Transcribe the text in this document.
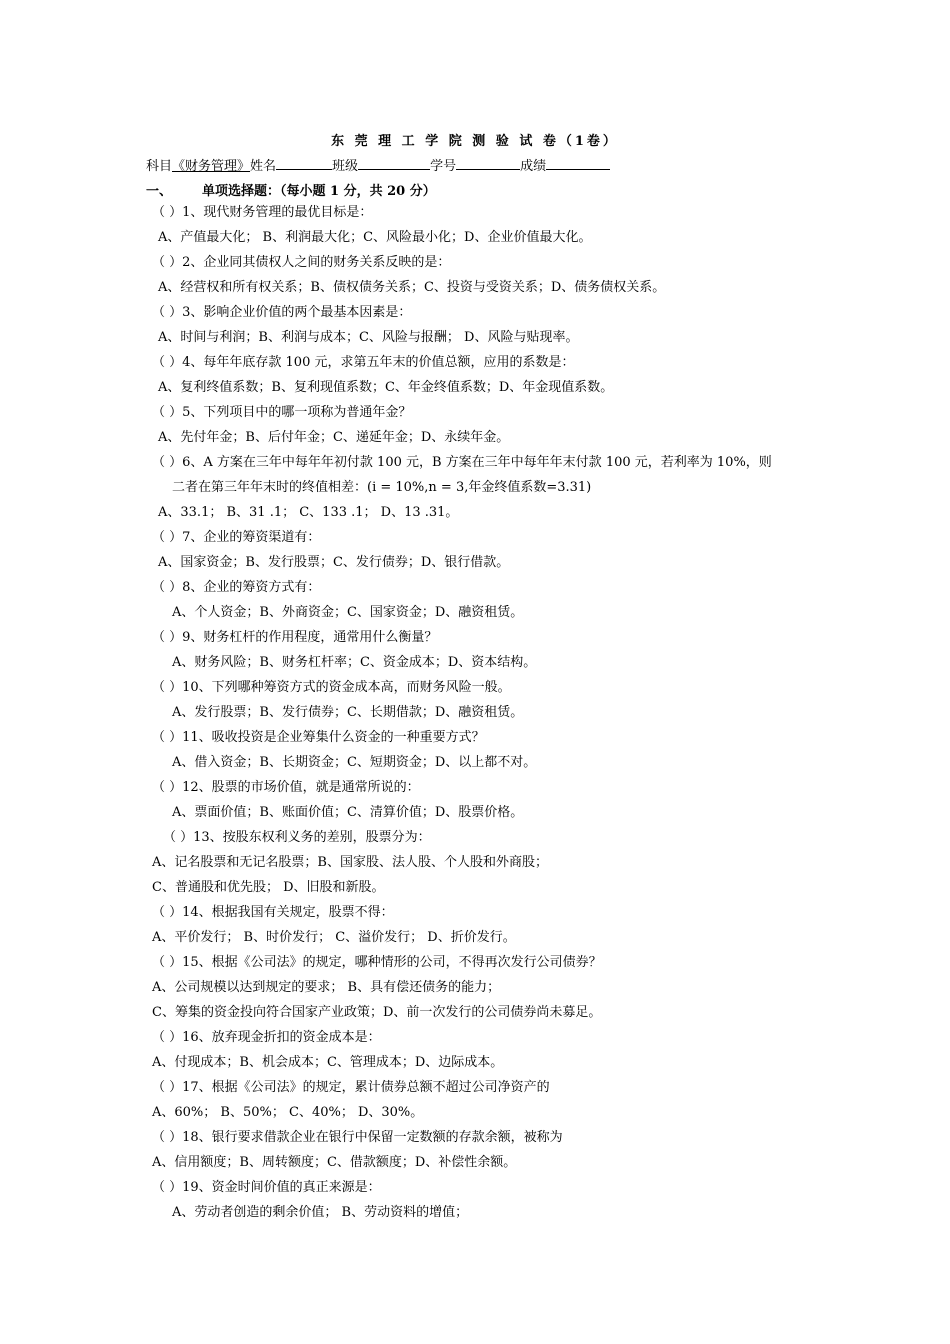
东 莞 理 工 学 院 测 验 试 卷（1卷）
科目《财务管理》姓名	班级	学号	成绩
一、 单项选择题：（每小题 1 分，共 20 分）
（ ）1、现代财务管理的最优目标是：
A、产值最大化； B、利润最大化；C、风险最小化；D、企业价值最大化。
（ ）2、企业同其债权人之间的财务关系反映的是：
A、经营权和所有权关系；B、债权债务关系；C、投资与受资关系；D、债务债权关系。
（ ）3、影响企业价值的两个最基本因素是：
A、时间与利润；B、利润与成本；C、风险与报酬； D、风险与贴现率。
（ ）4、每年年底存款 100 元，求第五年末的价值总额，应用的系数是：
A、复利终值系数；B、复利现值系数；C、年金终值系数；D、年金现值系数。
（ ）5、下列项目中的哪一项称为普通年金？
A、先付年金；B、后付年金；C、递延年金；D、永续年金。
（ ）6、A 方案在三年中每年年初付款 100 元，B 方案在三年中每年年末付款 100 元，若利率为 10%，则
二者在第三年年末时的终值相差：(i = 10%,n = 3,年金终值系数=3.31)
A、33.1； B、31 .1； C、133 .1； D、13 .31。
（ ）7、企业的筹资渠道有：
A、国家资金；B、发行股票；C、发行债券；D、银行借款。
（ ）8、企业的筹资方式有：
A、个人资金；B、外商资金；C、国家资金；D、融资租赁。
（ ）9、财务杠杆的作用程度，通常用什么衡量？
A、财务风险；B、财务杠杆率；C、资金成本；D、资本结构。
（ ）10、下列哪种筹资方式的资金成本高，而财务风险一般。
A、发行股票；B、发行债券；C、长期借款；D、融资租赁。
（ ）11、吸收投资是企业筹集什么资金的一种重要方式？
A、借入资金；B、长期资金；C、短期资金；D、以上都不对。
（ ）12、股票的市场价值，就是通常所说的：
A、票面价值；B、账面价值；C、清算价值；D、股票价格。
（ ）13、按股东权利义务的差别，股票分为：
A、记名股票和无记名股票；B、国家股、法人股、个人股和外商股；
C、普通股和优先股； D、旧股和新股。
（ ）14、根据我国有关规定，股票不得：
A、平价发行； B、时价发行； C、溢价发行； D、折价发行。
（ ）15、根据《公司法》的规定，哪种情形的公司，不得再次发行公司债券？
A、公司规模以达到规定的要求； B、具有偿还债务的能力；
C、筹集的资金投向符合国家产业政策；D、前一次发行的公司债券尚未募足。
（ ）16、放弃现金折扣的资金成本是：
A、付现成本；B、机会成本；C、管理成本；D、边际成本。
（ ）17、根据《公司法》的规定，累计债券总额不超过公司净资产的
A、60%； B、50%； C、40%； D、30%。
（ ）18、银行要求借款企业在银行中保留一定数额的存款余额，被称为
A、信用额度；B、周转额度；C、借款额度；D、补偿性余额。
（ ）19、资金时间价值的真正来源是：
A、劳动者创造的剩余价值； B、劳动资料的增值；
